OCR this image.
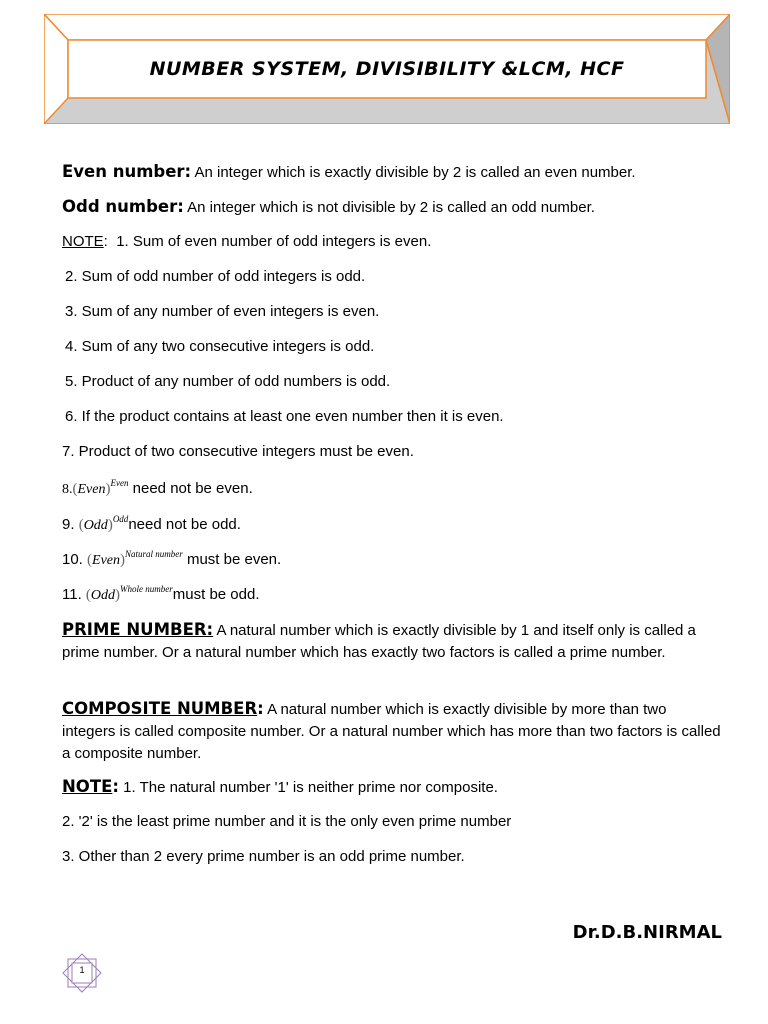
NUMBER SYSTEM, DIVISIBILITY &LCM, HCF
Even number: An integer which is exactly divisible by 2 is called an even number.
Odd number: An integer which is not divisible by 2 is called an odd number.
NOTE: 1. Sum of even number of odd integers is even.
2. Sum of odd number of odd integers is odd.
3. Sum of any number of even integers is even.
4. Sum of any two consecutive integers is odd.
5. Product of any number of odd numbers is odd.
6. If the product contains at least one even number then it is even.
7. Product of two consecutive integers must be even.
8.(Even)$^{Even}$ need not be even.
9. (Odd)$^{Odd}$need not be odd.
10. (Even)$^{Natural number}$ must be even.
11. (Odd)$^{Whole number}$must be odd.
PRIME NUMBER: A natural number which is exactly divisible by 1 and itself only is called a prime number. Or a natural number which has exactly two factors is called a prime number.
COMPOSITE NUMBER: A natural number which is exactly divisible by more than two integers is called composite number. Or a natural number which has more than two factors is called a composite number.
NOTE: 1. The natural number '1' is neither prime nor composite.
2. '2' is the least prime number and it is the only even prime number
3. Other than 2 every prime number is an odd prime number.
Dr.D.B.NIRMAL
1
